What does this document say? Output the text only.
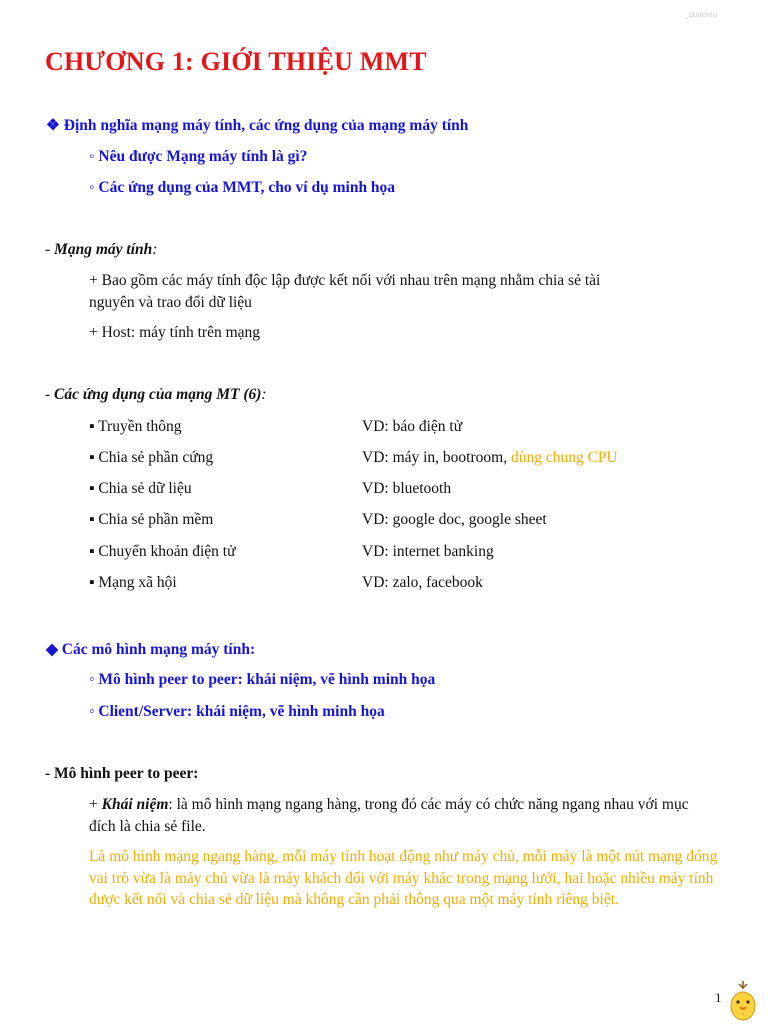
_quedieu
CHƯƠNG 1: GIỚI THIỆU MMT
❖ Định nghĩa mạng máy tính, các ứng dụng của mạng máy tính
◦ Nêu được Mạng máy tính là gì?
◦ Các ứng dụng của MMT, cho ví dụ minh họa
- Mạng máy tính:
+ Bao gồm các máy tính độc lập được kết nối với nhau trên mạng nhằm chia sẻ tài nguyên và trao đổi dữ liệu
+ Host: máy tính trên mạng
- Các ứng dụng của mạng MT (6):
▪ Truyền thông	VD: báo điện tử
▪ Chia sẻ phần cứng	VD: máy in, bootroom, dùng chung CPU
▪ Chia sẻ dữ liệu	VD: bluetooth
▪ Chia sẻ phần mềm	VD: google doc, google sheet
▪ Chuyển khoản điện tử	VD: internet banking
▪ Mạng xã hội	VD: zalo, facebook
◆ Các mô hình mạng máy tính:
◦ Mô hình peer to peer: khái niệm, vẽ hình minh họa
◦ Client/Server: khái niệm, vẽ hình minh họa
- Mô hình peer to peer:
+ Khái niệm: là mô hình mạng ngang hàng, trong đó các máy có chức năng ngang nhau với mục đích là chia sẻ file.
Là mô hình mạng ngang hàng, mỗi máy tính hoạt động như máy chủ, mỗi máy là một nút mạng đóng vai trò vừa là máy chủ vừa là máy khách đối với máy khác trong mạng lưới, hai hoặc nhiều máy tính được kết nối và chia sẻ dữ liệu mà không cần phải thông qua một máy tính riêng biệt.
1
